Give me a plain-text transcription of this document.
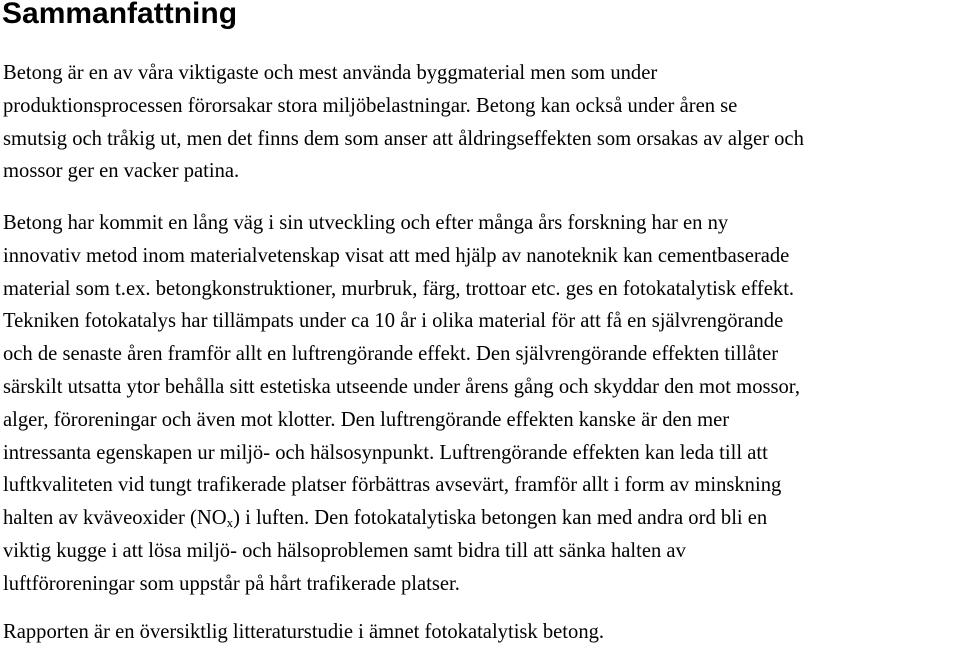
Sammanfattning

Betong är en av våra viktigaste och mest använda byggmaterial men som under
produktionsprocessen förorsakar stora miljöbelastningar. Betong kan också under åren se
smutsig och tråkig ut, men det finns dem som anser att åldringseffekten som orsakas av alger och
mossor ger en vacker patina.

Betong har kommit en lång väg i sin utveckling och efter många års forskning har en ny
innovativ metod inom materialvetenskap visat att med hjälp av nanoteknik kan cementbaserade
material som t.ex. betongkonstruktioner, murbruk, färg, trottoar etc. ges en fotokatalytisk effekt.
Tekniken fotokatalys har tillämpats under ca 10 år i olika material för att få en självrengörande
och de senaste åren framför allt en luftrengörande effekt. Den självrengörande effekten tillåter
särskilt utsatta ytor behålla sitt estetiska utseende under årens gång och skyddar den mot mossor,
alger, föroreningar och även mot klotter. Den luftrengörande effekten kanske är den mer
intressanta egenskapen ur miljö- och hälsosynpunkt. Luftrengörande effekten kan leda till att
luftkvaliteten vid tungt trafikerade platser förbättras avsevärt, framför allt i form av minskning
halten av kväveoxider $(NO_x)$ i luften. Den fotokatalytiska betongen kan med andra ord bli en
viktig kugge i att lösa miljö- och hälsoproblemen samt bidra till att sänka halten av
luftföroreningar som uppstår på hårt trafikerade platser.

Rapporten är en översiktlig litteraturstudie i ämnet fotokatalytisk betong.
